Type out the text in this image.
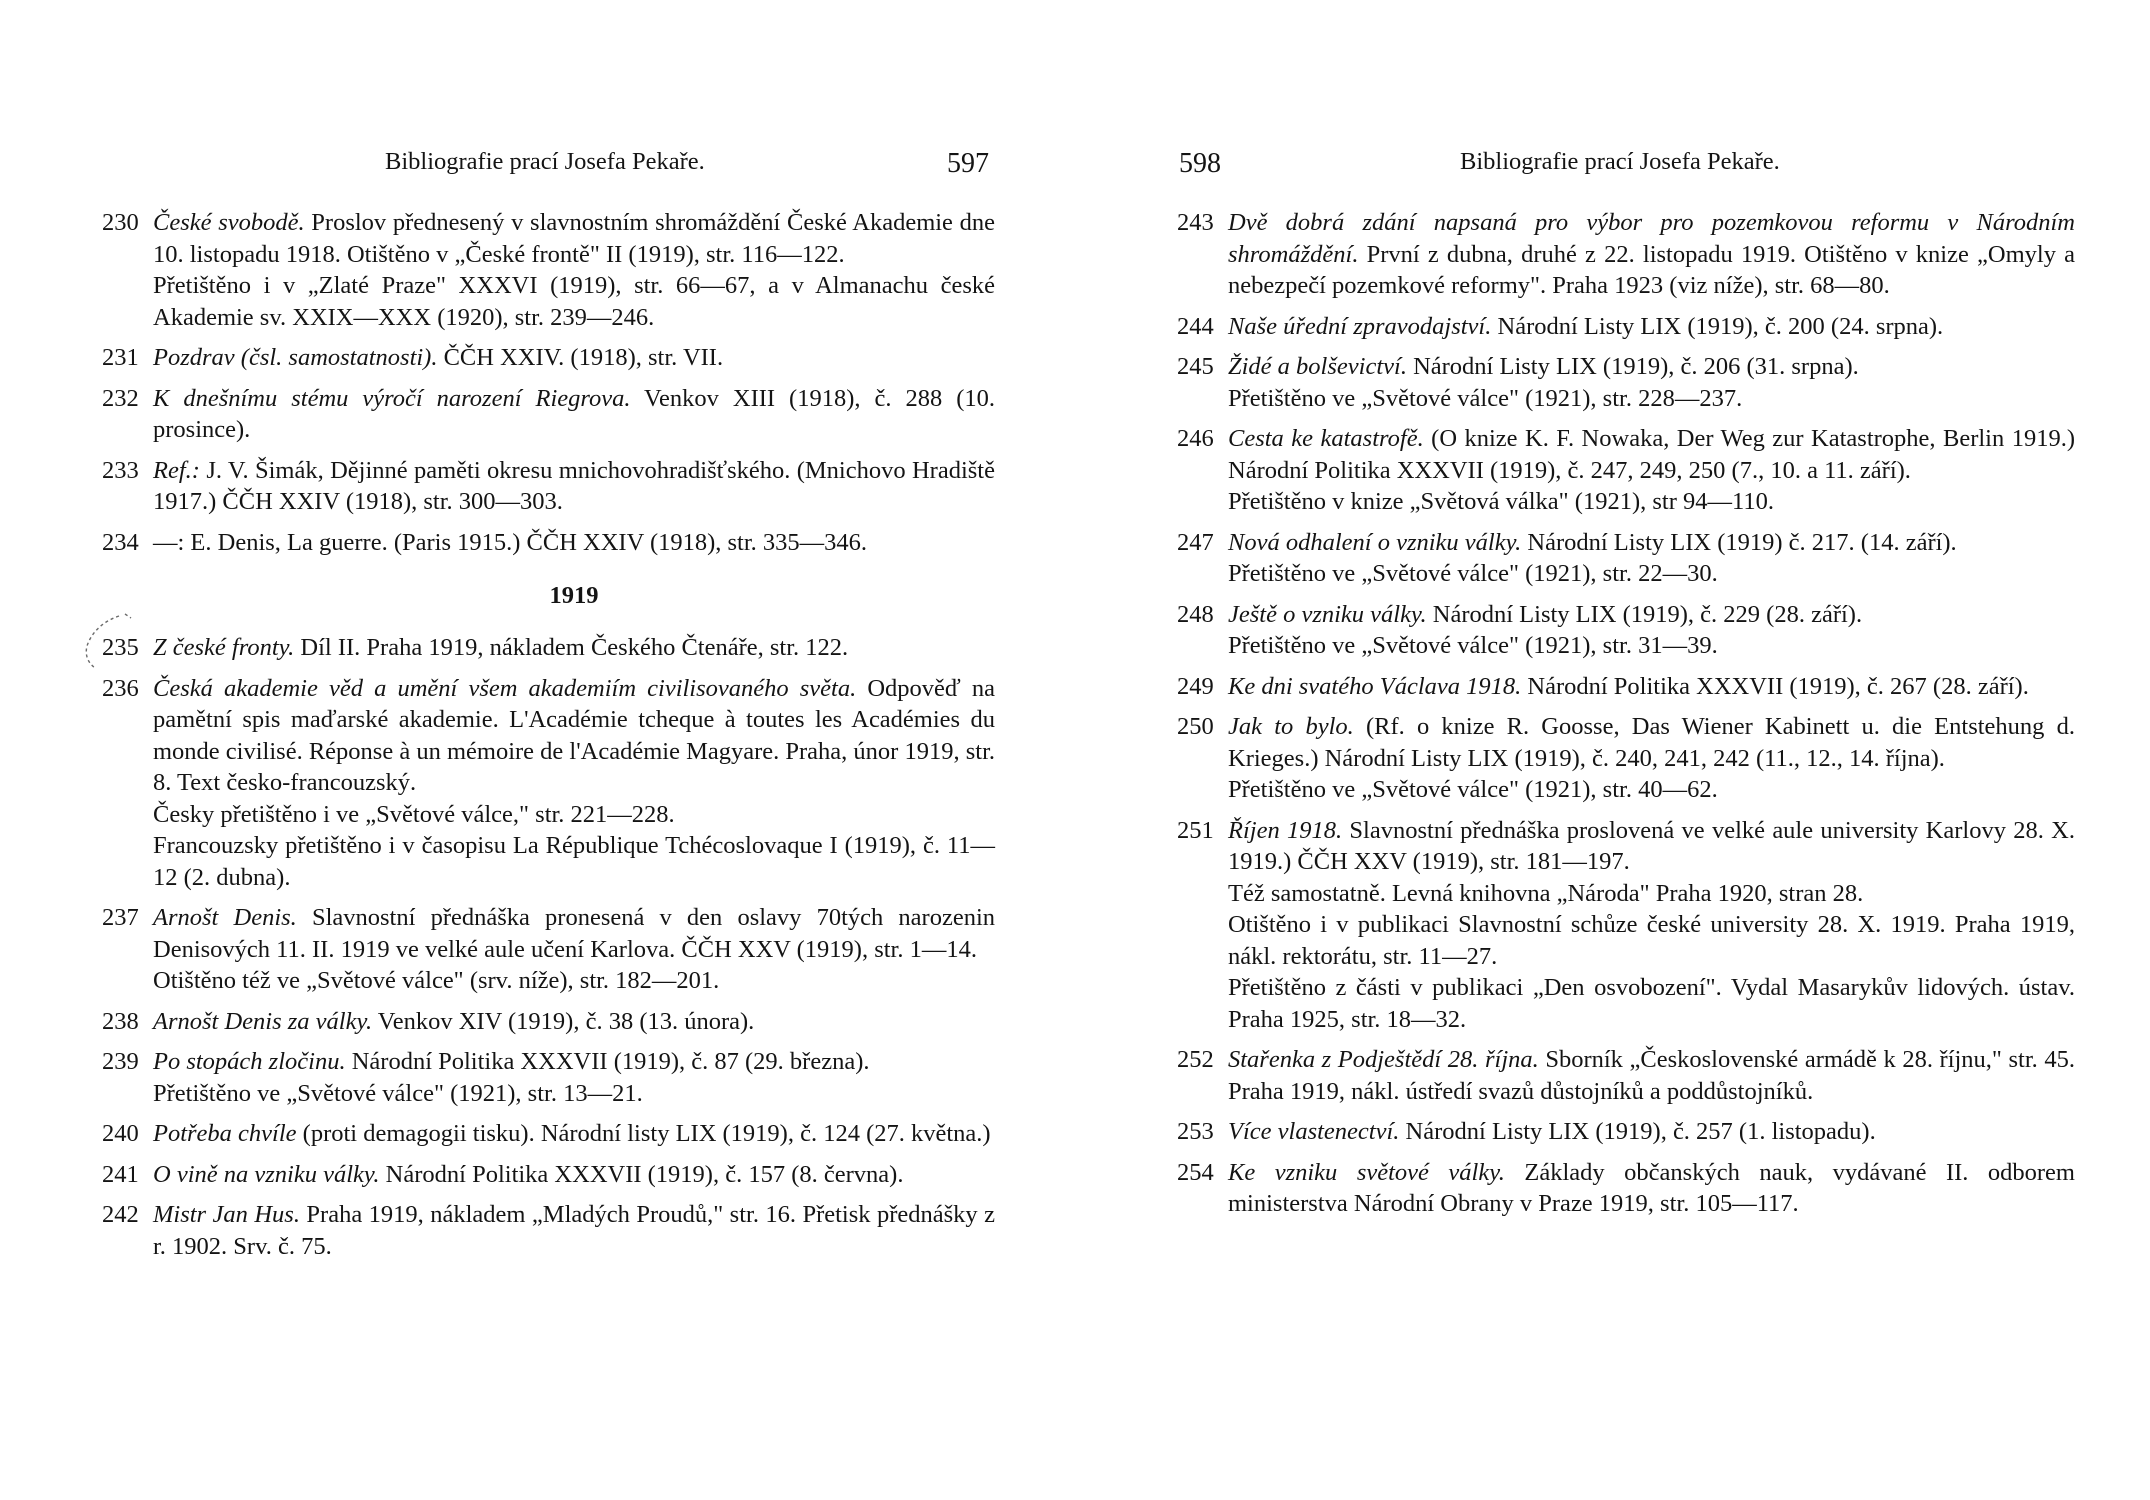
Bibliografie prací Josefa Pekaře.	597
230 České svobodě. Proslov přednesený v slavnostním shromáždění České Akademie dne 10. listopadu 1918. Otištěno v „České frontě" II (1919), str. 116—122.
Přetištěno i v „Zlaté Praze" XXXVI (1919), str. 66—67, a v Almanachu české Akademie sv. XXIX—XXX (1920), str. 239—246.
231 Pozdrav (čsl. samostatnosti). ČČH XXIV. (1918), str. VII.
232 K dnešnímu stému výročí narození Riegrova. Venkov XIII (1918), č. 288 (10. prosince).
233 Ref.: J. V. Šimák, Dějinné paměti okresu mnichovohradišťského. (Mnichovo Hradiště 1917.) ČČH XXIV (1918), str. 300—303.
234 —: E. Denis, La guerre. (Paris 1915.) ČČH XXIV (1918), str. 335—346.
1919
235 Z české fronty. Díl II. Praha 1919, nákladem Českého Čtenáře, str. 122.
236 Česká akademie věd a umění všem akademiím civilisovaného světa. Odpověď na pamětní spis maďarské akademie. L'Académie tcheque à toutes les Académies du monde civilisé. Réponse à un mémoire de l'Académie Magyare. Praha, únor 1919, str. 8. Text česko-francouzský.
Česky přetištěno i ve „Světové válce," str. 221—228.
Francouzsky přetištěno i v časopisu La République Tchécoslovaque I (1919), č. 11—12 (2. dubna).
237 Arnošt Denis. Slavnostní přednáška pronesená v den oslavy 70tých narozenin Denisových 11. II. 1919 ve velké aule učení Karlova. ČČH XXV (1919), str. 1—14.
Otištěno též ve „Světové válce" (srv. níže), str. 182—201.
238 Arnošt Denis za války. Venkov XIV (1919), č. 38 (13. února).
239 Po stopách zločinu. Národní Politika XXXVII (1919), č. 87 (29. března).
Přetištěno ve „Světové válce" (1921), str. 13—21.
240 Potřeba chvíle (proti demagogii tisku). Národní listy LIX (1919), č. 124 (27. května.)
241 O vině na vzniku války. Národní Politika XXXVII (1919), č. 157 (8. června).
242 Mistr Jan Hus. Praha 1919, nákladem „Mladých Proudů," str. 16. Přetisk přednášky z r. 1902. Srv. č. 75.
598	Bibliografie prací Josefa Pekaře.
243 Dvě dobrá zdání napsaná pro výbor pro pozemkovou reformu v Národním shromáždění. První z dubna, druhé z 22. listopadu 1919. Otištěno v knize „Omyly a nebezpečí pozemkové reformy". Praha 1923 (viz níže), str. 68—80.
244 Naše úřední zpravodajství. Národní Listy LIX (1919), č. 200 (24. srpna).
245 Židé a bolševictví. Národní Listy LIX (1919), č. 206 (31. srpna).
Přetištěno ve „Světové válce" (1921), str. 228—237.
246 Cesta ke katastrofě. (O knize K. F. Nowaka, Der Weg zur Katastrophe, Berlin 1919.) Národní Politika XXXVII (1919), č. 247, 249, 250 (7., 10. a 11. září).
Přetištěno v knize „Světová válka" (1921), str 94—110.
247 Nová odhalení o vzniku války. Národní Listy LIX (1919) č. 217. (14. září).
Přetištěno ve „Světové válce" (1921), str. 22—30.
248 Ještě o vzniku války. Národní Listy LIX (1919), č. 229 (28. září).
Přetištěno ve „Světové válce" (1921), str. 31—39.
249 Ke dni svatého Václava 1918. Národní Politika XXXVII (1919), č. 267 (28. září).
250 Jak to bylo. (Rf. o knize R. Goosse, Das Wiener Kabinett u. die Entstehung d. Krieges.) Národní Listy LIX (1919), č. 240, 241, 242 (11., 12., 14. října).
Přetištěno ve „Světové válce" (1921), str. 40—62.
251 Říjen 1918. Slavnostní přednáška proslovená ve velké aule university Karlovy 28. X. 1919.) ČČH XXV (1919), str. 181—197.
Též samostatně. Levná knihovna „Národa" Praha 1920, stran 28.
Otištěno i v publikaci Slavnostní schůze české university 28. X. 1919. Praha 1919, nákl. rektorátu, str. 11—27.
Přetištěno z části v publikaci „Den osvobození". Vydal Masarykův lidových. ústav. Praha 1925, str. 18—32.
252 Stařenka z Podještědí 28. října. Sborník „Československé armádě k 28. říjnu," str. 45. Praha 1919, nákl. ústředí svazů důstojníků a poddůstojníků.
253 Více vlastenectví. Národní Listy LIX (1919), č. 257 (1. listopadu).
254 Ke vzniku světové války. Základy občanských nauk, vydávané II. odborem ministerstva Národní Obrany v Praze 1919, str. 105—117.
